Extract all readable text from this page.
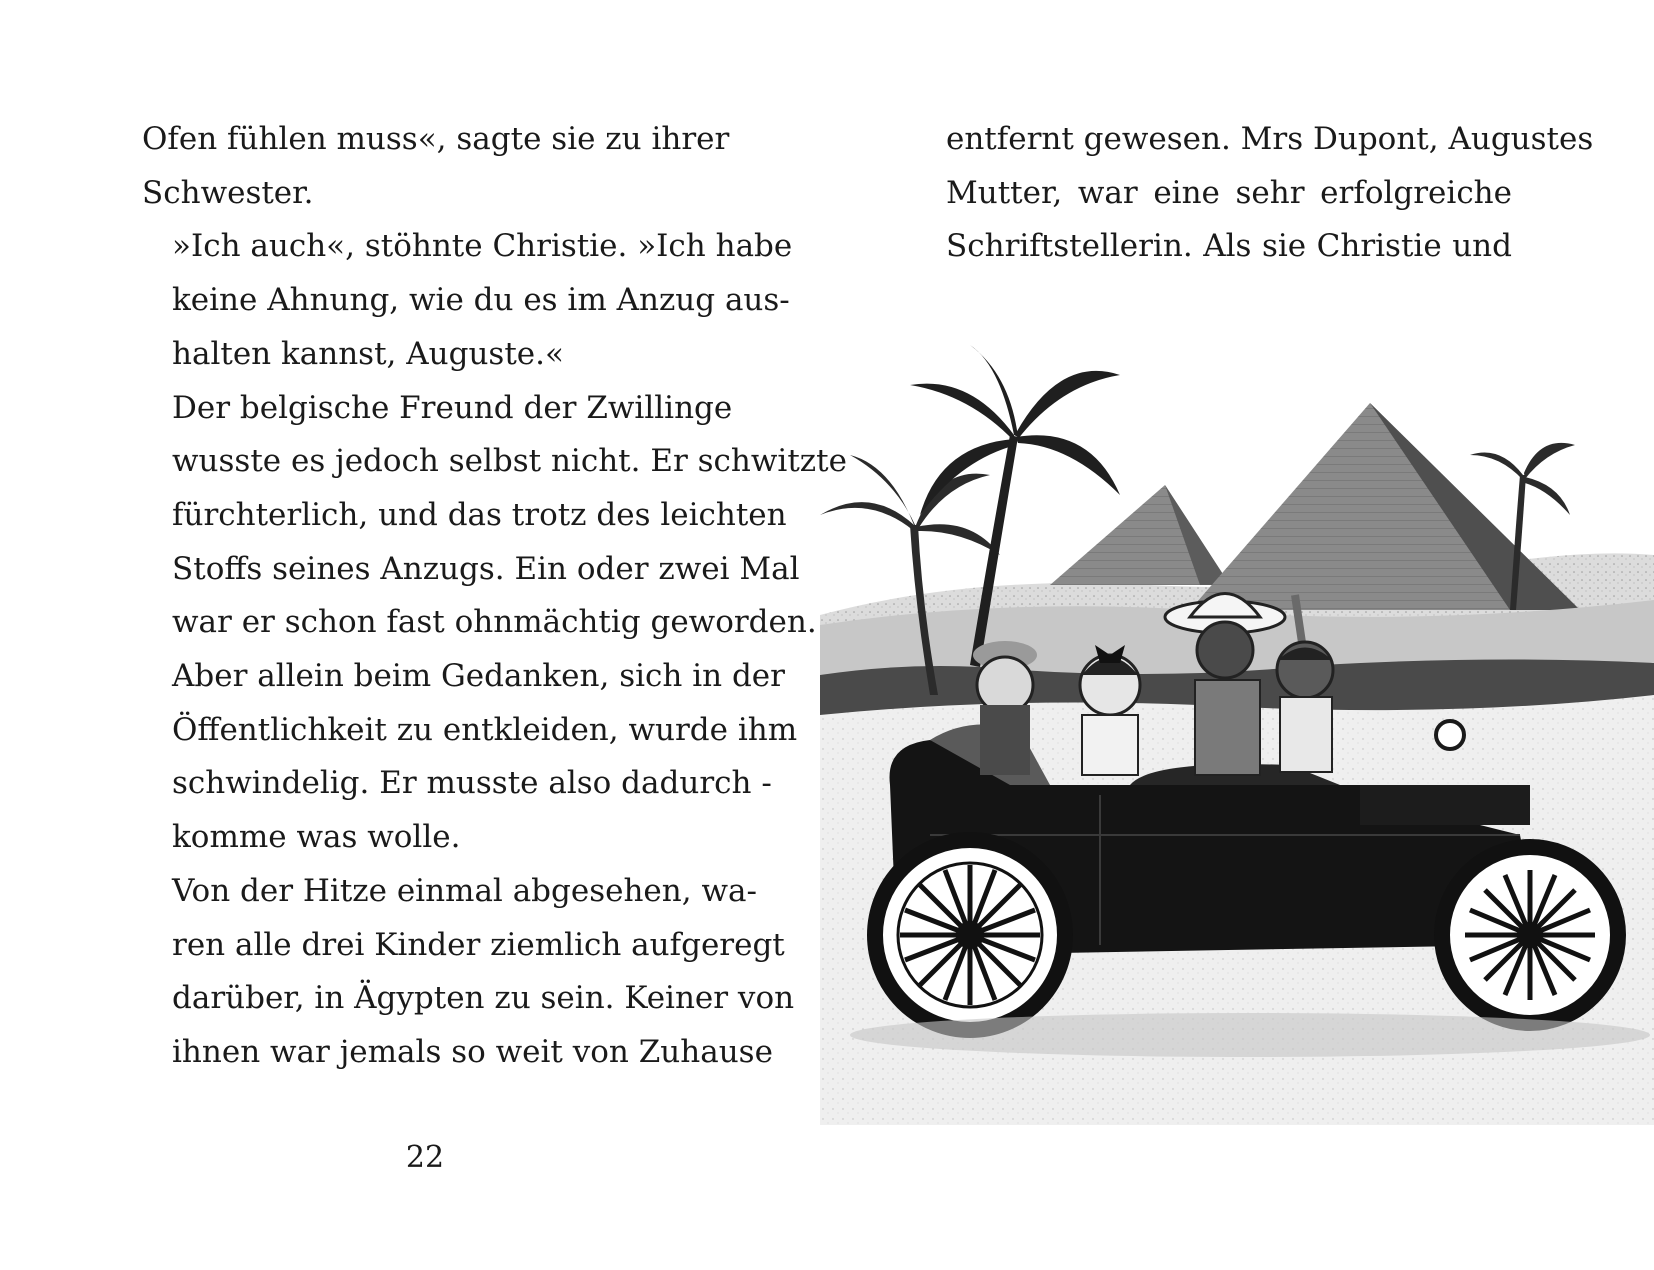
Ofen fühlen muss«, sagte sie zu ihrer
Schwester.

»Ich auch«, stöhnte Christie. »Ich habe
keine Ahnung, wie du es im Anzug aus-
halten kannst, Auguste.«

Der belgische Freund der Zwillinge
wusste es jedoch selbst nicht. Er schwitzte
fürchterlich, und das trotz des leichten
Stoffs seines Anzugs. Ein oder zwei Mal
war er schon fast ohnmächtig geworden.
Aber allein beim Gedanken, sich in der
Öffentlichkeit zu entkleiden, wurde ihm
schwindelig. Er musste also dadurch -
komme was wolle.

Von der Hitze einmal abgesehen, wa-
ren alle drei Kinder ziemlich aufgeregt
darüber, in Ägypten zu sein. Keiner von
ihnen war jemals so weit von Zuhause

22
entfernt gewesen. Mrs Dupont, Augustes
Mutter, war eine sehr erfolgreiche
Schriftstellerin. Als sie Christie und
